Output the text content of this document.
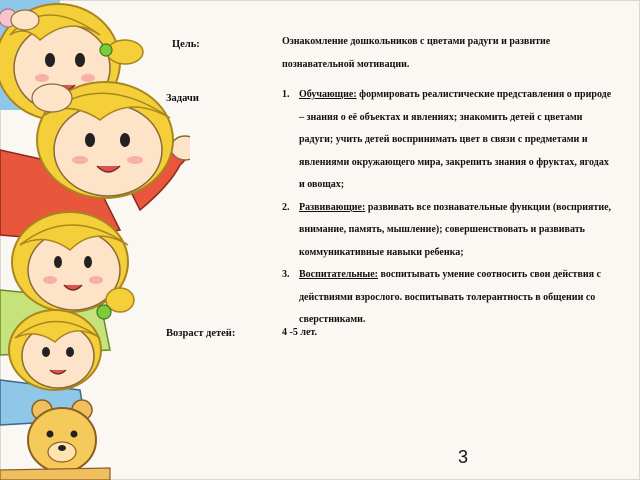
Цель:	Ознакомление дошкольников с цветами радуги и развитие познавательной мотивации.

Задачи	1. Обучающие: формировать реалистические представления о природе – знания о её объектах и явлениях; знакомить детей с цветами радуги; учить детей воспринимать цвет в связи с предметами и явлениями окружающего мира, закрепить знания о фруктах, ягодах и овощах;
2. Развивающие: развивать все познавательные функции (восприятие, внимание, память, мышление); совершенствовать и развивать коммуникативные навыки ребенка;
3. Воспитательные: воспитывать умение соотносить свои действия с действиями взрослого. воспитывать толерантность в общении со сверстниками.
Возраст детей:	4 -5 лет.
3
